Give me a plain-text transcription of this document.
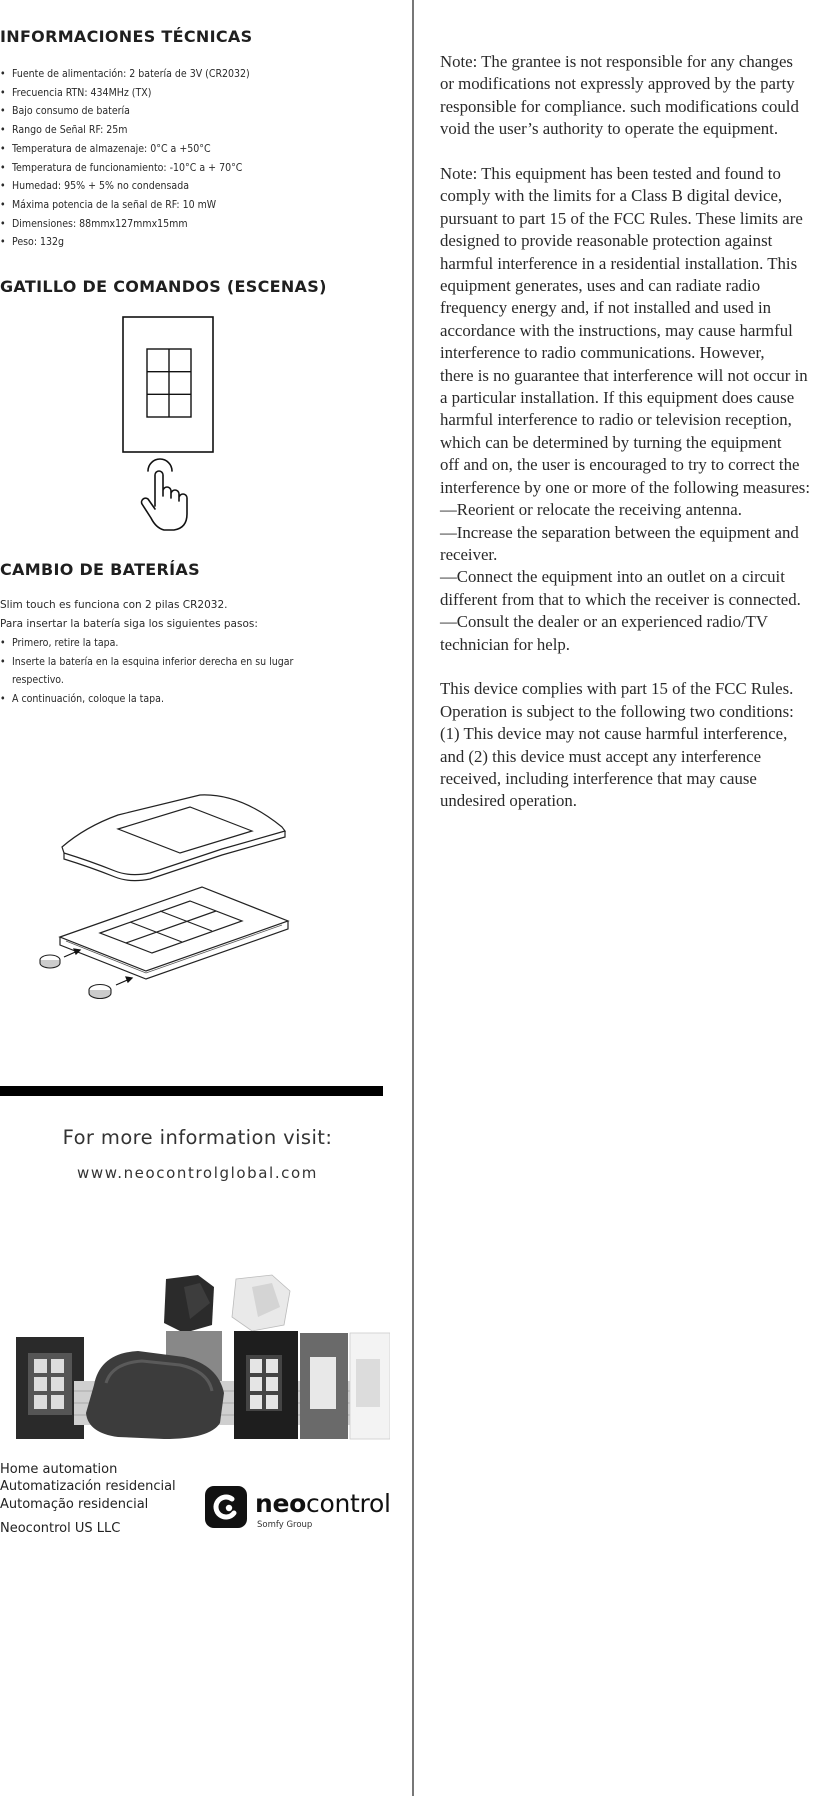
INFORMACIONES TÉCNICAS
• Fuente de alimentación: 2 batería de 3V (CR2032)
• Frecuencia RTN: 434MHz (TX)
• Bajo consumo de batería
• Rango de Señal RF: 25m
• Temperatura de almazenaje: 0°C a +50°C
• Temperatura de funcionamiento: -10°C a + 70°C
• Humedad: 95% + 5% no condensada
• Máxima potencia de la señal de RF: 10 mW
• Dimensiones: 88mmx127mmx15mm
• Peso: 132g
GATILLO DE COMANDOS (ESCENAS)
CAMBIO DE BATERÍAS
Slim touch es funciona con 2 pilas CR2032.
Para insertar la batería siga los siguientes pasos:
• Primero, retire la tapa.
• Inserte la batería en la esquina inferior derecha en su lugar respectivo.
• A continuación, coloque la tapa.
For more information visit:
www.neocontrolglobal.com
Home automation
Automatización residencial
Automação residencial
Neocontrol US LLC
neocontrol
Somfy Group

Note: The grantee is not responsible for any changes
or modifications not expressly approved by the party
responsible for compliance. such modifications could
void the user’s authority to operate the equipment.

Note: This equipment has been tested and found to
comply with the limits for a Class B digital device,
pursuant to part 15 of the FCC Rules. These limits are
designed to provide reasonable protection against
harmful interference in a residential installation. This
equipment generates, uses and can radiate radio
frequency energy and, if not installed and used in
accordance with the instructions, may cause harmful
interference to radio communications. However,
there is no guarantee that interference will not occur in
a particular installation. If this equipment does cause
harmful interference to radio or television reception,
which can be determined by turning the equipment
off and on, the user is encouraged to try to correct the
interference by one or more of the following measures:
—Reorient or relocate the receiving antenna.
—Increase the separation between the equipment and
receiver.
—Connect the equipment into an outlet on a circuit
different from that to which the receiver is connected.
—Consult the dealer or an experienced radio/TV
technician for help.

This device complies with part 15 of the FCC Rules.
Operation is subject to the following two conditions:
(1) This device may not cause harmful interference,
and (2) this device must accept any interference
received, including interference that may cause
undesired operation.
